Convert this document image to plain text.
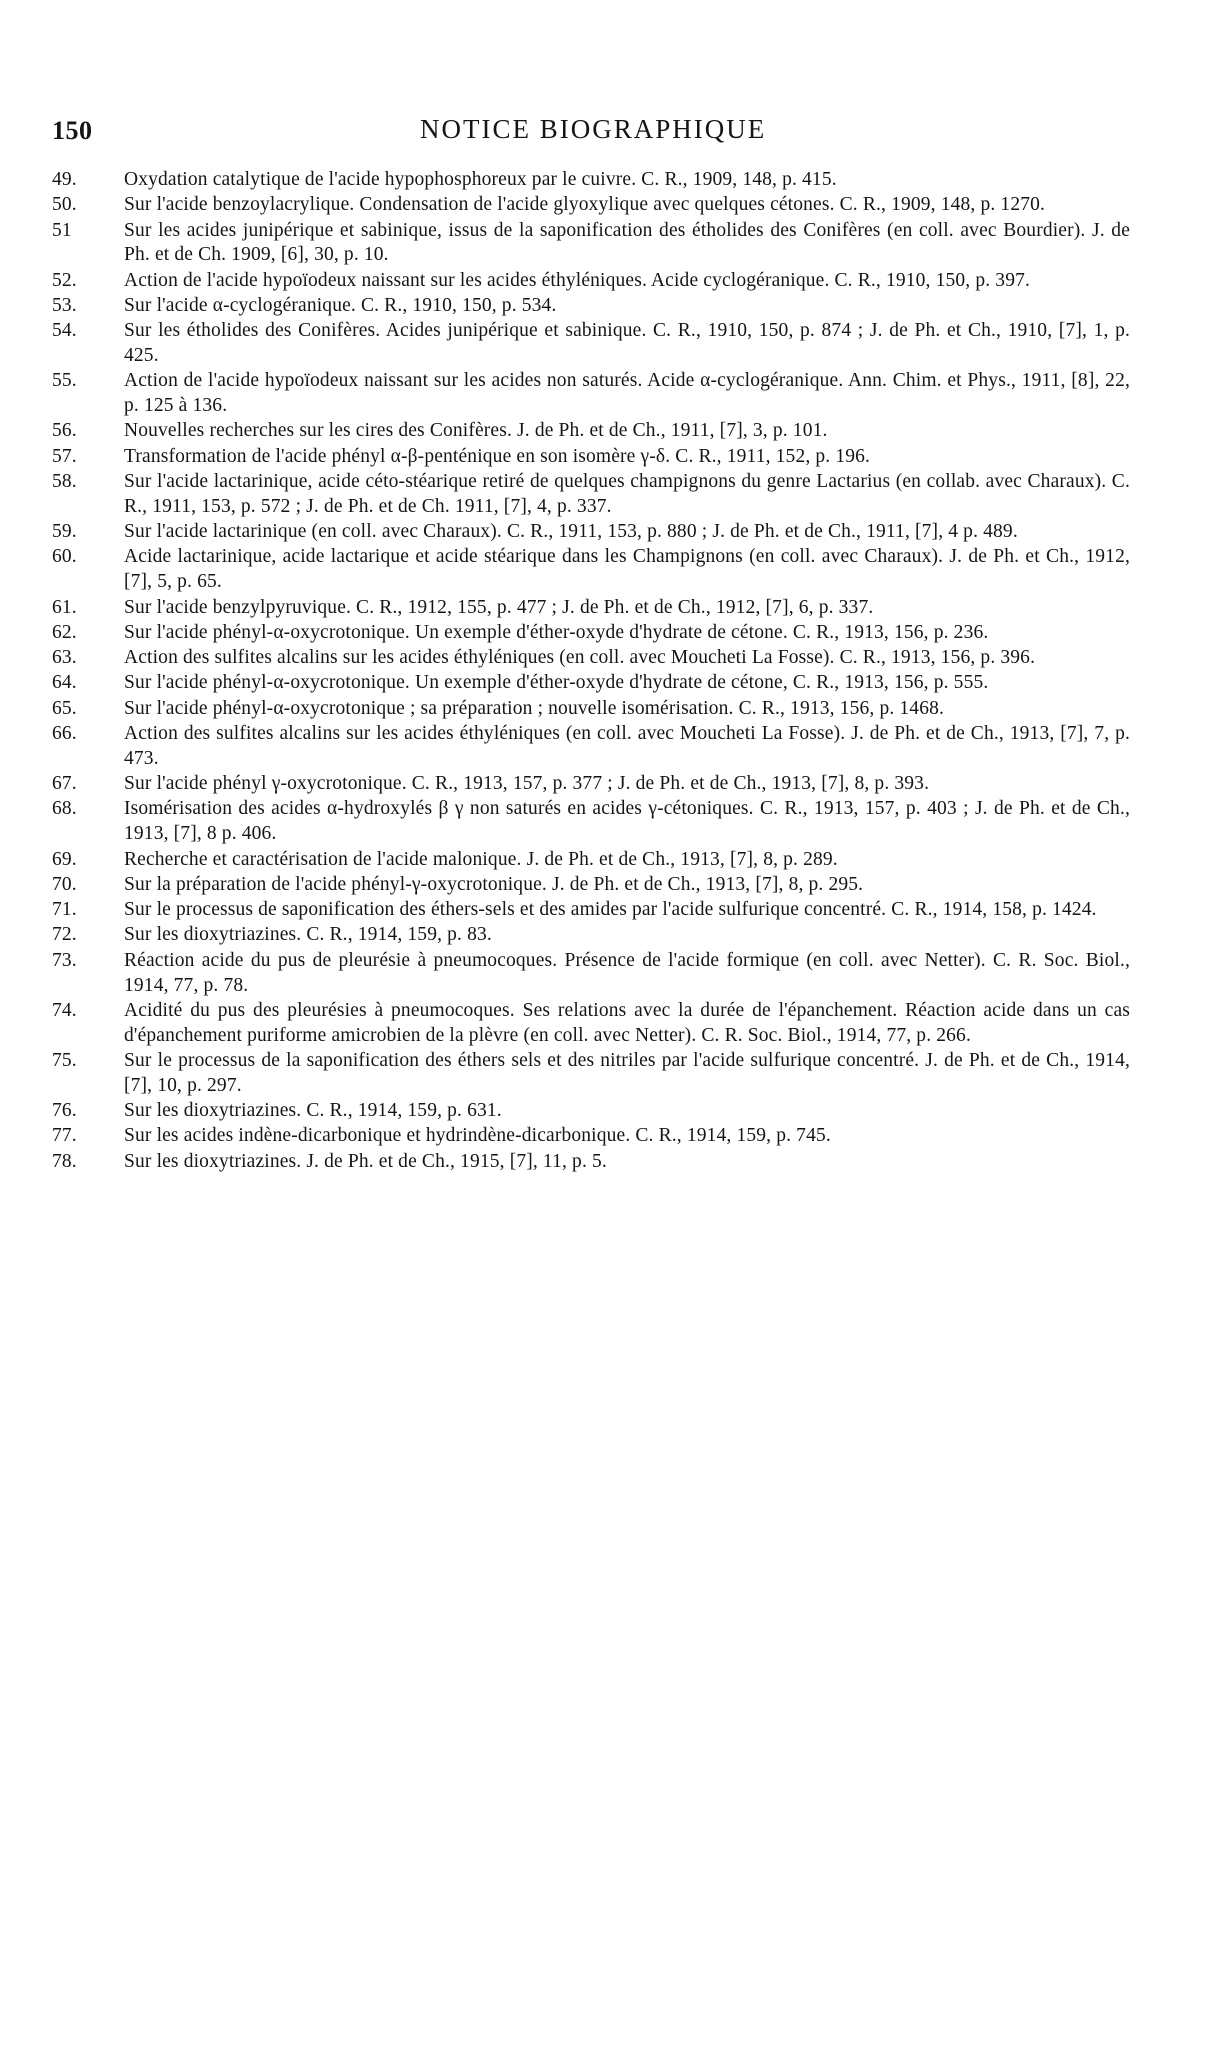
150	NOTICE BIOGRAPHIQUE
49.	Oxydation catalytique de l'acide hypophosphoreux par le cuivre. C. R., 1909, 148, p. 415.
50.	Sur l'acide benzoylacrylique. Condensation de l'acide glyoxylique avec quelques cétones. C. R., 1909, 148, p. 1270.
51	Sur les acides junipérique et sabinique, issus de la saponification des étholides des Conifères (en coll. avec Bourdier). J. de Ph. et de Ch. 1909, [6], 30, p. 10.
52.	Action de l'acide hypoïodeux naissant sur les acides éthyléniques. Acide cyclogéranique. C. R., 1910, 150, p. 397.
53.	Sur l'acide α-cyclogéranique. C. R., 1910, 150, p. 534.
54.	Sur les étholides des Conifères. Acides junipérique et sabinique. C. R., 1910, 150, p. 874 ; J. de Ph. et Ch., 1910, [7], 1, p. 425.
55.	Action de l'acide hypoïodeux naissant sur les acides non saturés. Acide α-cyclogéranique. Ann. Chim. et Phys., 1911, [8], 22, p. 125 à 136.
56.	Nouvelles recherches sur les cires des Conifères. J. de Ph. et de Ch., 1911, [7], 3, p. 101.
57.	Transformation de l'acide phényl α-β-penténique en son isomère γ-δ. C. R., 1911, 152, p. 196.
58.	Sur l'acide lactarinique, acide céto-stéarique retiré de quelques champignons du genre Lactarius (en collab. avec Charaux). C. R., 1911, 153, p. 572 ; J. de Ph. et de Ch. 1911, [7], 4, p. 337.
59.	Sur l'acide lactarinique (en coll. avec Charaux). C. R., 1911, 153, p. 880 ; J. de Ph. et de Ch., 1911, [7], 4 p. 489.
60.	Acide lactarinique, acide lactarique et acide stéarique dans les Champignons (en coll. avec Charaux). J. de Ph. et Ch., 1912, [7], 5, p. 65.
61.	Sur l'acide benzylpyruvique. C. R., 1912, 155, p. 477 ; J. de Ph. et de Ch., 1912, [7], 6, p. 337.
62.	Sur l'acide phényl-α-oxycrotonique. Un exemple d'éther-oxyde d'hydrate de cétone. C. R., 1913, 156, p. 236.
63.	Action des sulfites alcalins sur les acides éthyléniques (en coll. avec Moucheti La Fosse). C. R., 1913, 156, p. 396.
64.	Sur l'acide phényl-α-oxycrotonique. Un exemple d'éther-oxyde d'hydrate de cétone, C. R., 1913, 156, p. 555.
65.	Sur l'acide phényl-α-oxycrotonique ; sa préparation ; nouvelle isomérisation. C. R., 1913, 156, p. 1468.
66.	Action des sulfites alcalins sur les acides éthyléniques (en coll. avec Moucheti La Fosse). J. de Ph. et de Ch., 1913, [7], 7, p. 473.
67.	Sur l'acide phényl γ-oxycrotonique. C. R., 1913, 157, p. 377 ; J. de Ph. et de Ch., 1913, [7], 8, p. 393.
68.	Isomérisation des acides α-hydroxylés β γ non saturés en acides γ-cétoniques. C. R., 1913, 157, p. 403 ; J. de Ph. et de Ch., 1913, [7], 8 p. 406.
69.	Recherche et caractérisation de l'acide malonique. J. de Ph. et de Ch., 1913, [7], 8, p. 289.
70.	Sur la préparation de l'acide phényl-γ-oxycrotonique. J. de Ph. et de Ch., 1913, [7], 8, p. 295.
71.	Sur le processus de saponification des éthers-sels et des amides par l'acide sulfurique concentré. C. R., 1914, 158, p. 1424.
72.	Sur les dioxytriazines. C. R., 1914, 159, p. 83.
73.	Réaction acide du pus de pleurésie à pneumocoques. Présence de l'acide formique (en coll. avec Netter). C. R. Soc. Biol., 1914, 77, p. 78.
74.	Acidité du pus des pleurésies à pneumocoques. Ses relations avec la durée de l'épanchement. Réaction acide dans un cas d'épanchement puriforme amicrobien de la plèvre (en coll. avec Netter). C. R. Soc. Biol., 1914, 77, p. 266.
75.	Sur le processus de la saponification des éthers sels et des nitriles par l'acide sulfurique concentré. J. de Ph. et de Ch., 1914, [7], 10, p. 297.
76.	Sur les dioxytriazines. C. R., 1914, 159, p. 631.
77.	Sur les acides indène-dicarbonique et hydrindène-dicarbonique. C. R., 1914, 159, p. 745.
78.	Sur les dioxytriazines. J. de Ph. et de Ch., 1915, [7], 11, p. 5.
